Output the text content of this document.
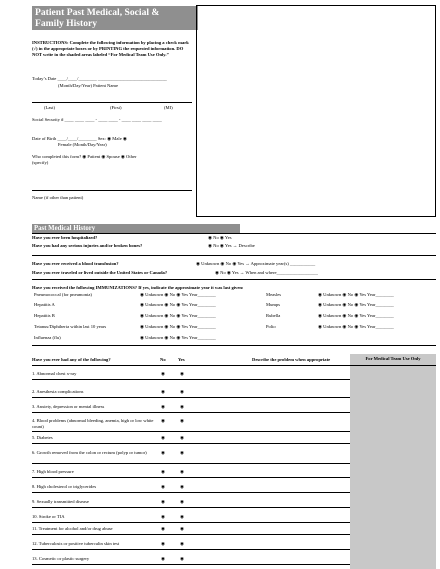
Patient Past Medical, Social &
Family History
INSTRUCTIONS: Complete the following information by placing a check mark (√) in the appropriate boxes or by PRINTING the requested information. DO NOT write in the shaded areas labeled “For Medical Team Use Only.”
Today’s Date ____/____/________ ______________________________
(Month/Day/Year) Patient Name
(Last)	(First)	(MI)
Social Security # ____ ____ ____ - ____ ____ - ____ ____ ____ ____
Date of Birth ____/____/________ Sex: ◉ Male ◉
Female (Month/Day/Year)
Who completed this form? ◉ Patient ◉ Spouse ◉ Other
(specify)
Name (if other than patient)
Past Medical History
Have you ever been hospitalized?	◉ No ◉ Yes
Have you had any serious injuries and/or broken bones?	◉ No ◉ Yes → Describe
Have you ever received a blood transfusion?	◉ Unknown ◉ No ◉ Yes → Approximate year(s) ___________
Have you ever traveled or lived outside the United States or Canada?	◉ No ◉ Yes → When and where__________________
Have you received the following IMMUNIZATIONS? If yes, indicate the approximate year it was last given:
Pneumococcal (for pneumonia)	◉ Unknown ◉ No ◉ Yes Year________
Hepatitis A	◉ Unknown ◉ No ◉ Yes Year________
Hepatitis B	◉ Unknown ◉ No ◉ Yes Year________
Tetanus/Diphtheria within last 10 years	◉ Unknown ◉ No ◉ Yes Year________
Influenza (flu)	◉ Unknown ◉ No ◉ Yes Year________
Measles	◉ Unknown ◉ No ◉ Yes Year________
Mumps	◉ Unknown ◉ No ◉ Yes Year________
Rubella	◉ Unknown ◉ No ◉ Yes Year________
Polio	◉ Unknown ◉ No ◉ Yes Year________
Have you ever had any of the following?	No	Yes	Describe the problem when appropriate	For Medical Team Use Only
1. Abnormal chest x-ray	◉	◉
2. Anesthesia complications	◉	◉
3. Anxiety, depression or mental illness	◉	◉
4. Blood problems (abnormal bleeding, anemia, high or low white count)
◉	◉
5. Diabetes	◉	◉
6. Growth removed from the colon or rectum (polyp or tumor)	◉	◉
7. High blood pressure	◉	◉
8. High cholesterol or triglycerides	◉	◉
9. Sexually transmitted disease	◉	◉
10. Stroke or TIA	◉	◉
11. Treatment for alcohol and/or drug abuse	◉	◉
12. Tuberculosis or positive tuberculin skin test	◉	◉
13. Cosmetic or plastic surgery	◉	◉
